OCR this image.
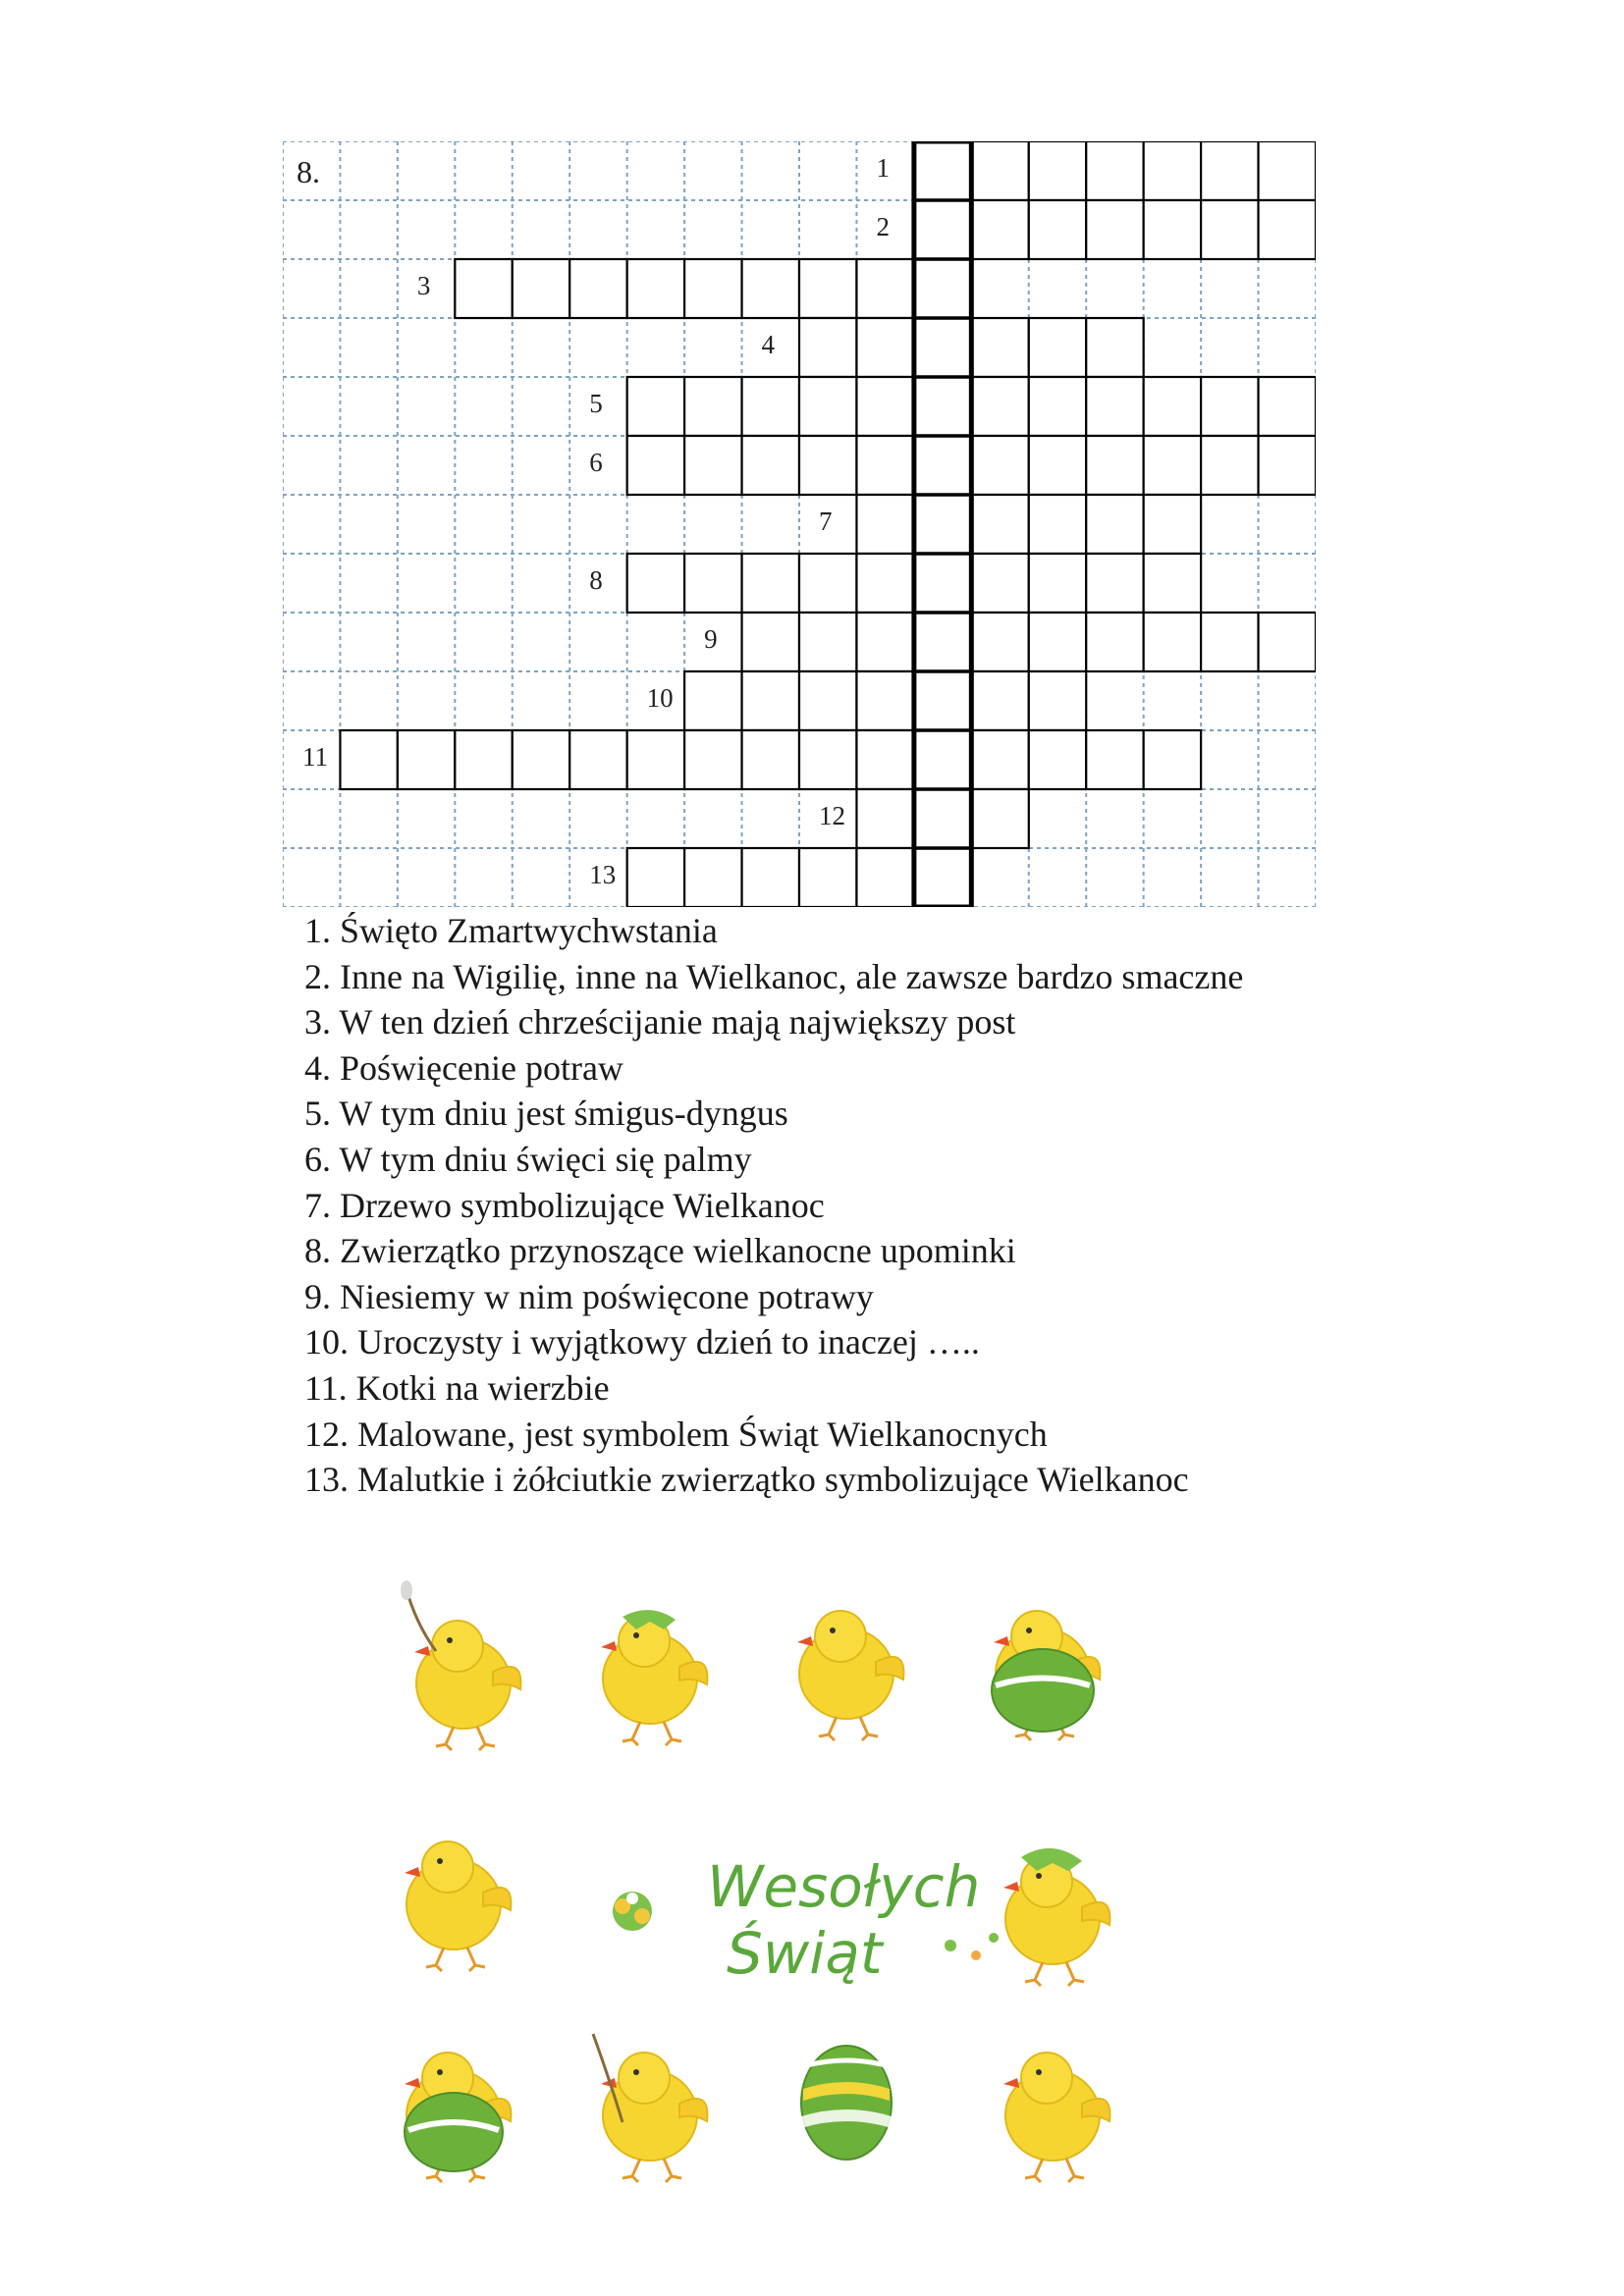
1
2
3
4
5
6
7
8
9
10
11
12
13
8.

1. Święto Zmartwychwstania

2. Inne na Wigilię, inne na Wielkanoc, ale zawsze bardzo smaczne

3. W ten dzień chrześcijanie mają największy post

4. Poświęcenie potraw

5. W tym dniu jest śmigus-dyngus

6. W tym dniu święci się palmy

7. Drzewo symbolizujące Wielkanoc

8. Zwierzątko przynoszące wielkanocne upominki

9. Niesiemy w nim poświęcone potrawy

10. Uroczysty i wyjątkowy dzień to inaczej …..

11. Kotki na wierzbie

12. Malowane, jest symbolem Świąt Wielkanocnych

13. Malutkie i żółciutkie zwierzątko symbolizujące Wielkanoc

Wesołych
Świąt
